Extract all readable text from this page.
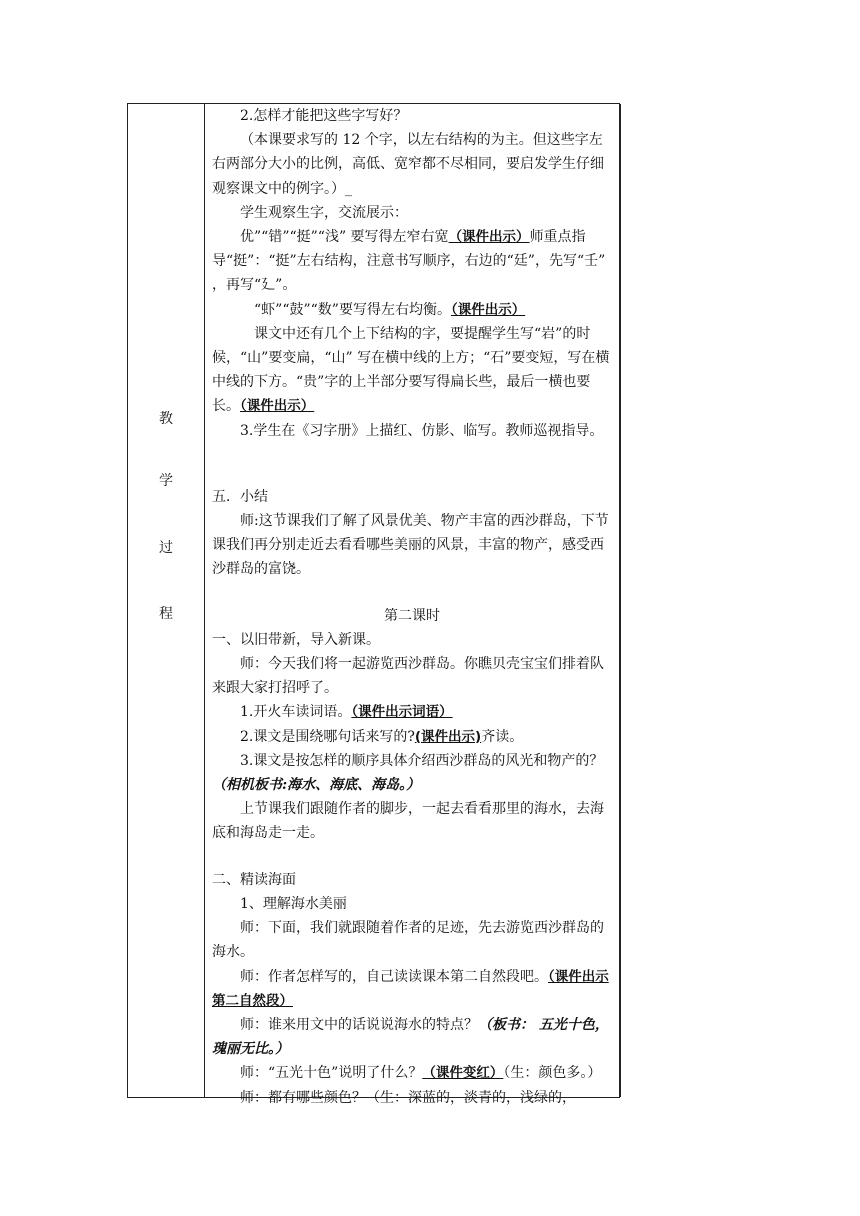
教
学
过
程

2.怎样才能把这些字写好？

（本课要求写的 12 个字，以左右结构的为主。但这些字左右两部分大小的比例，高低、宽窄都不尽相同，要启发学生仔细观察课文中的例字。）_

学生观察生字，交流展示：

优”“错”“挺”“浅” 要写得左窄右宽（课件出示）师重点指导“挺”：“挺”左右结构，注意书写顺序，右边的“廷”，先写“壬” ，再写“廴”。

“虾”“鼓”“数”要写得左右均衡。（课件出示）

课文中还有几个上下结构的字，要提醒学生写“岩”的时候，“山”要变扁，“山” 写在横中线的上方；“石”要变短，写在横中线的下方。“贵”字的上半部分要写得扁长些，最后一横也要长。（课件出示）

3.学生在《习字册》上描红、仿影、临写。教师巡视指导。

五．小结

师:这节课我们了解了风景优美、物产丰富的西沙群岛，下节课我们再分别走近去看看哪些美丽的风景，丰富的物产，感受西沙群岛的富饶。

第二课时

一、以旧带新，导入新课。

师：今天我们将一起游览西沙群岛。你瞧贝壳宝宝们排着队来跟大家打招呼了。

1.开火车读词语。（课件出示词语）

2.课文是围绕哪句话来写的?(课件出示)齐读。

3.课文是按怎样的顺序具体介绍西沙群岛的风光和物产的？（相机板书:海水、海底、海岛。）

上节课我们跟随作者的脚步，一起去看看那里的海水，去海底和海岛走一走。

二、精读海面

1、理解海水美丽

师：下面，我们就跟随着作者的足迹，先去游览西沙群岛的海水。

师：作者怎样写的，自己读读课本第二自然段吧。（课件出示第二自然段）

师：谁来用文中的话说说海水的特点？（板书： 五光十色，瑰丽无比。）

师：“五光十色”说明了什么？（课件变红）（生：颜色多。）

师：都有哪些颜色？（生：深蓝的，淡青的，浅绿的，
